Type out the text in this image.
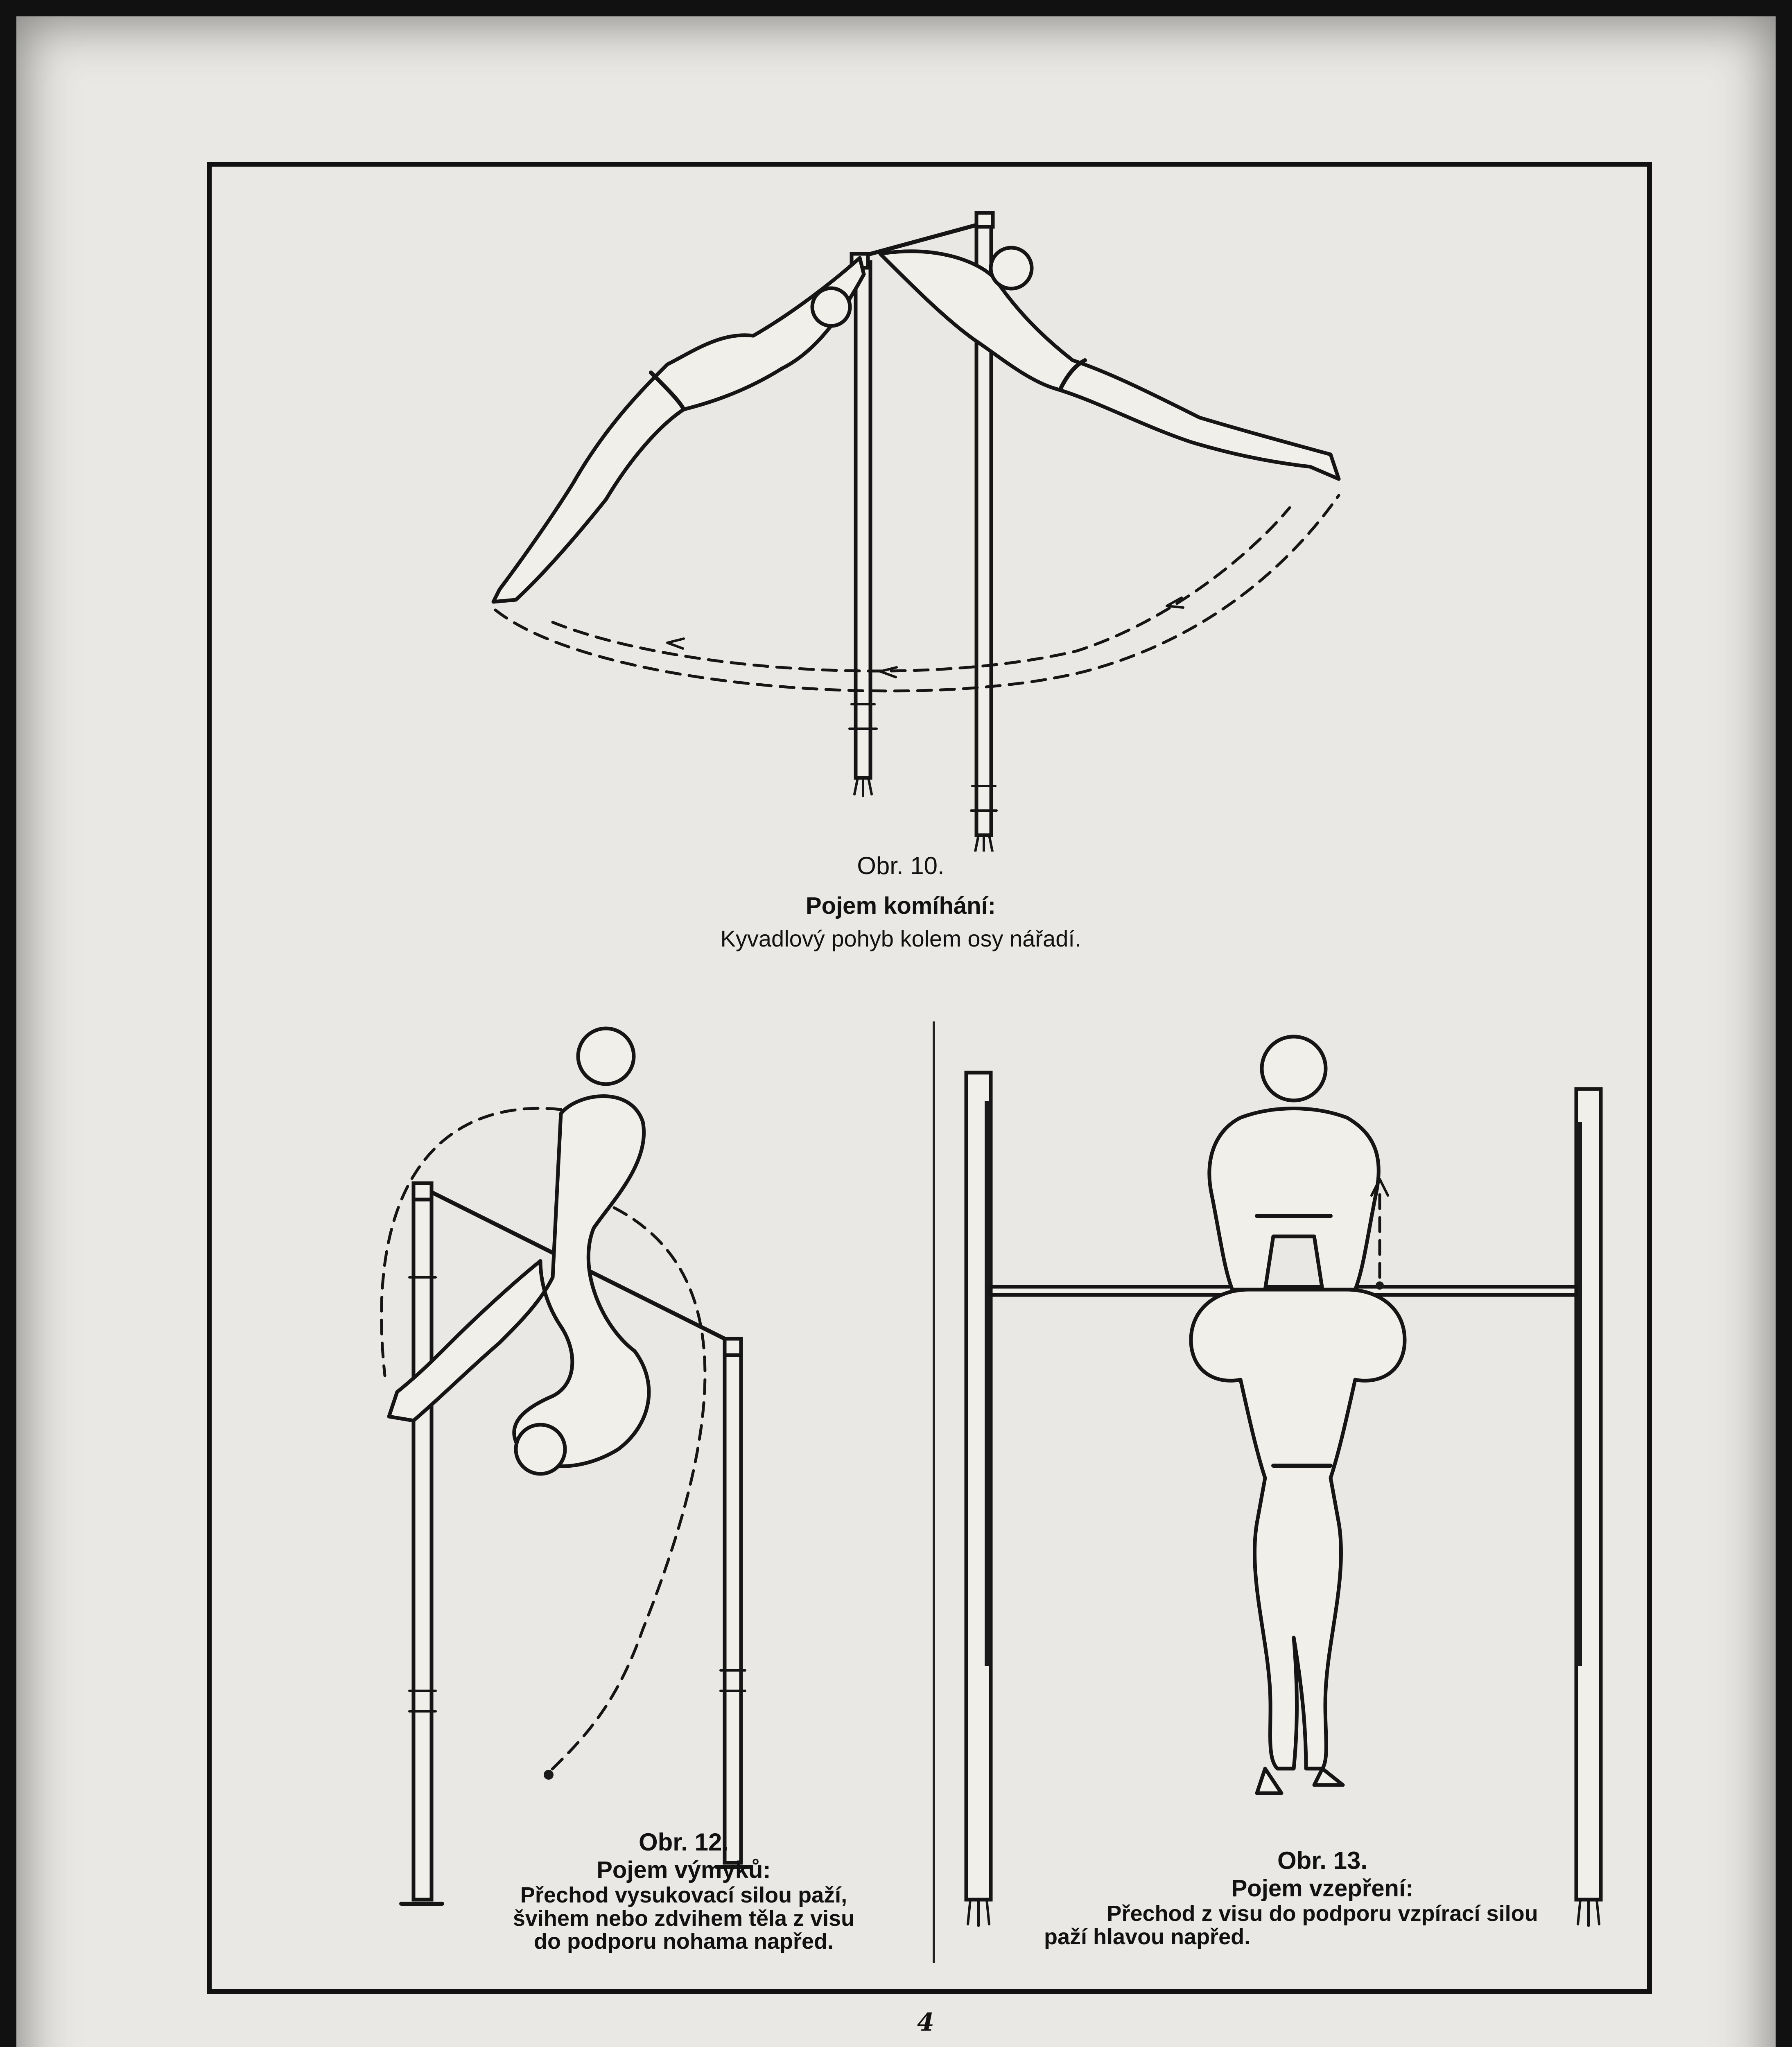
Obr. 10.
Pojem komíhání:
Kyvadlový pohyb kolem osy nářadí.
Obr. 12.
Pojem výmyků:
Přechod vysukovací silou paží,
švihem nebo zdvihem těla z visu
do podporu nohama napřed.
Obr. 13.
Pojem vzepření:
Přechod z visu do podporu vzpírací silou
paží hlavou napřed.
4
